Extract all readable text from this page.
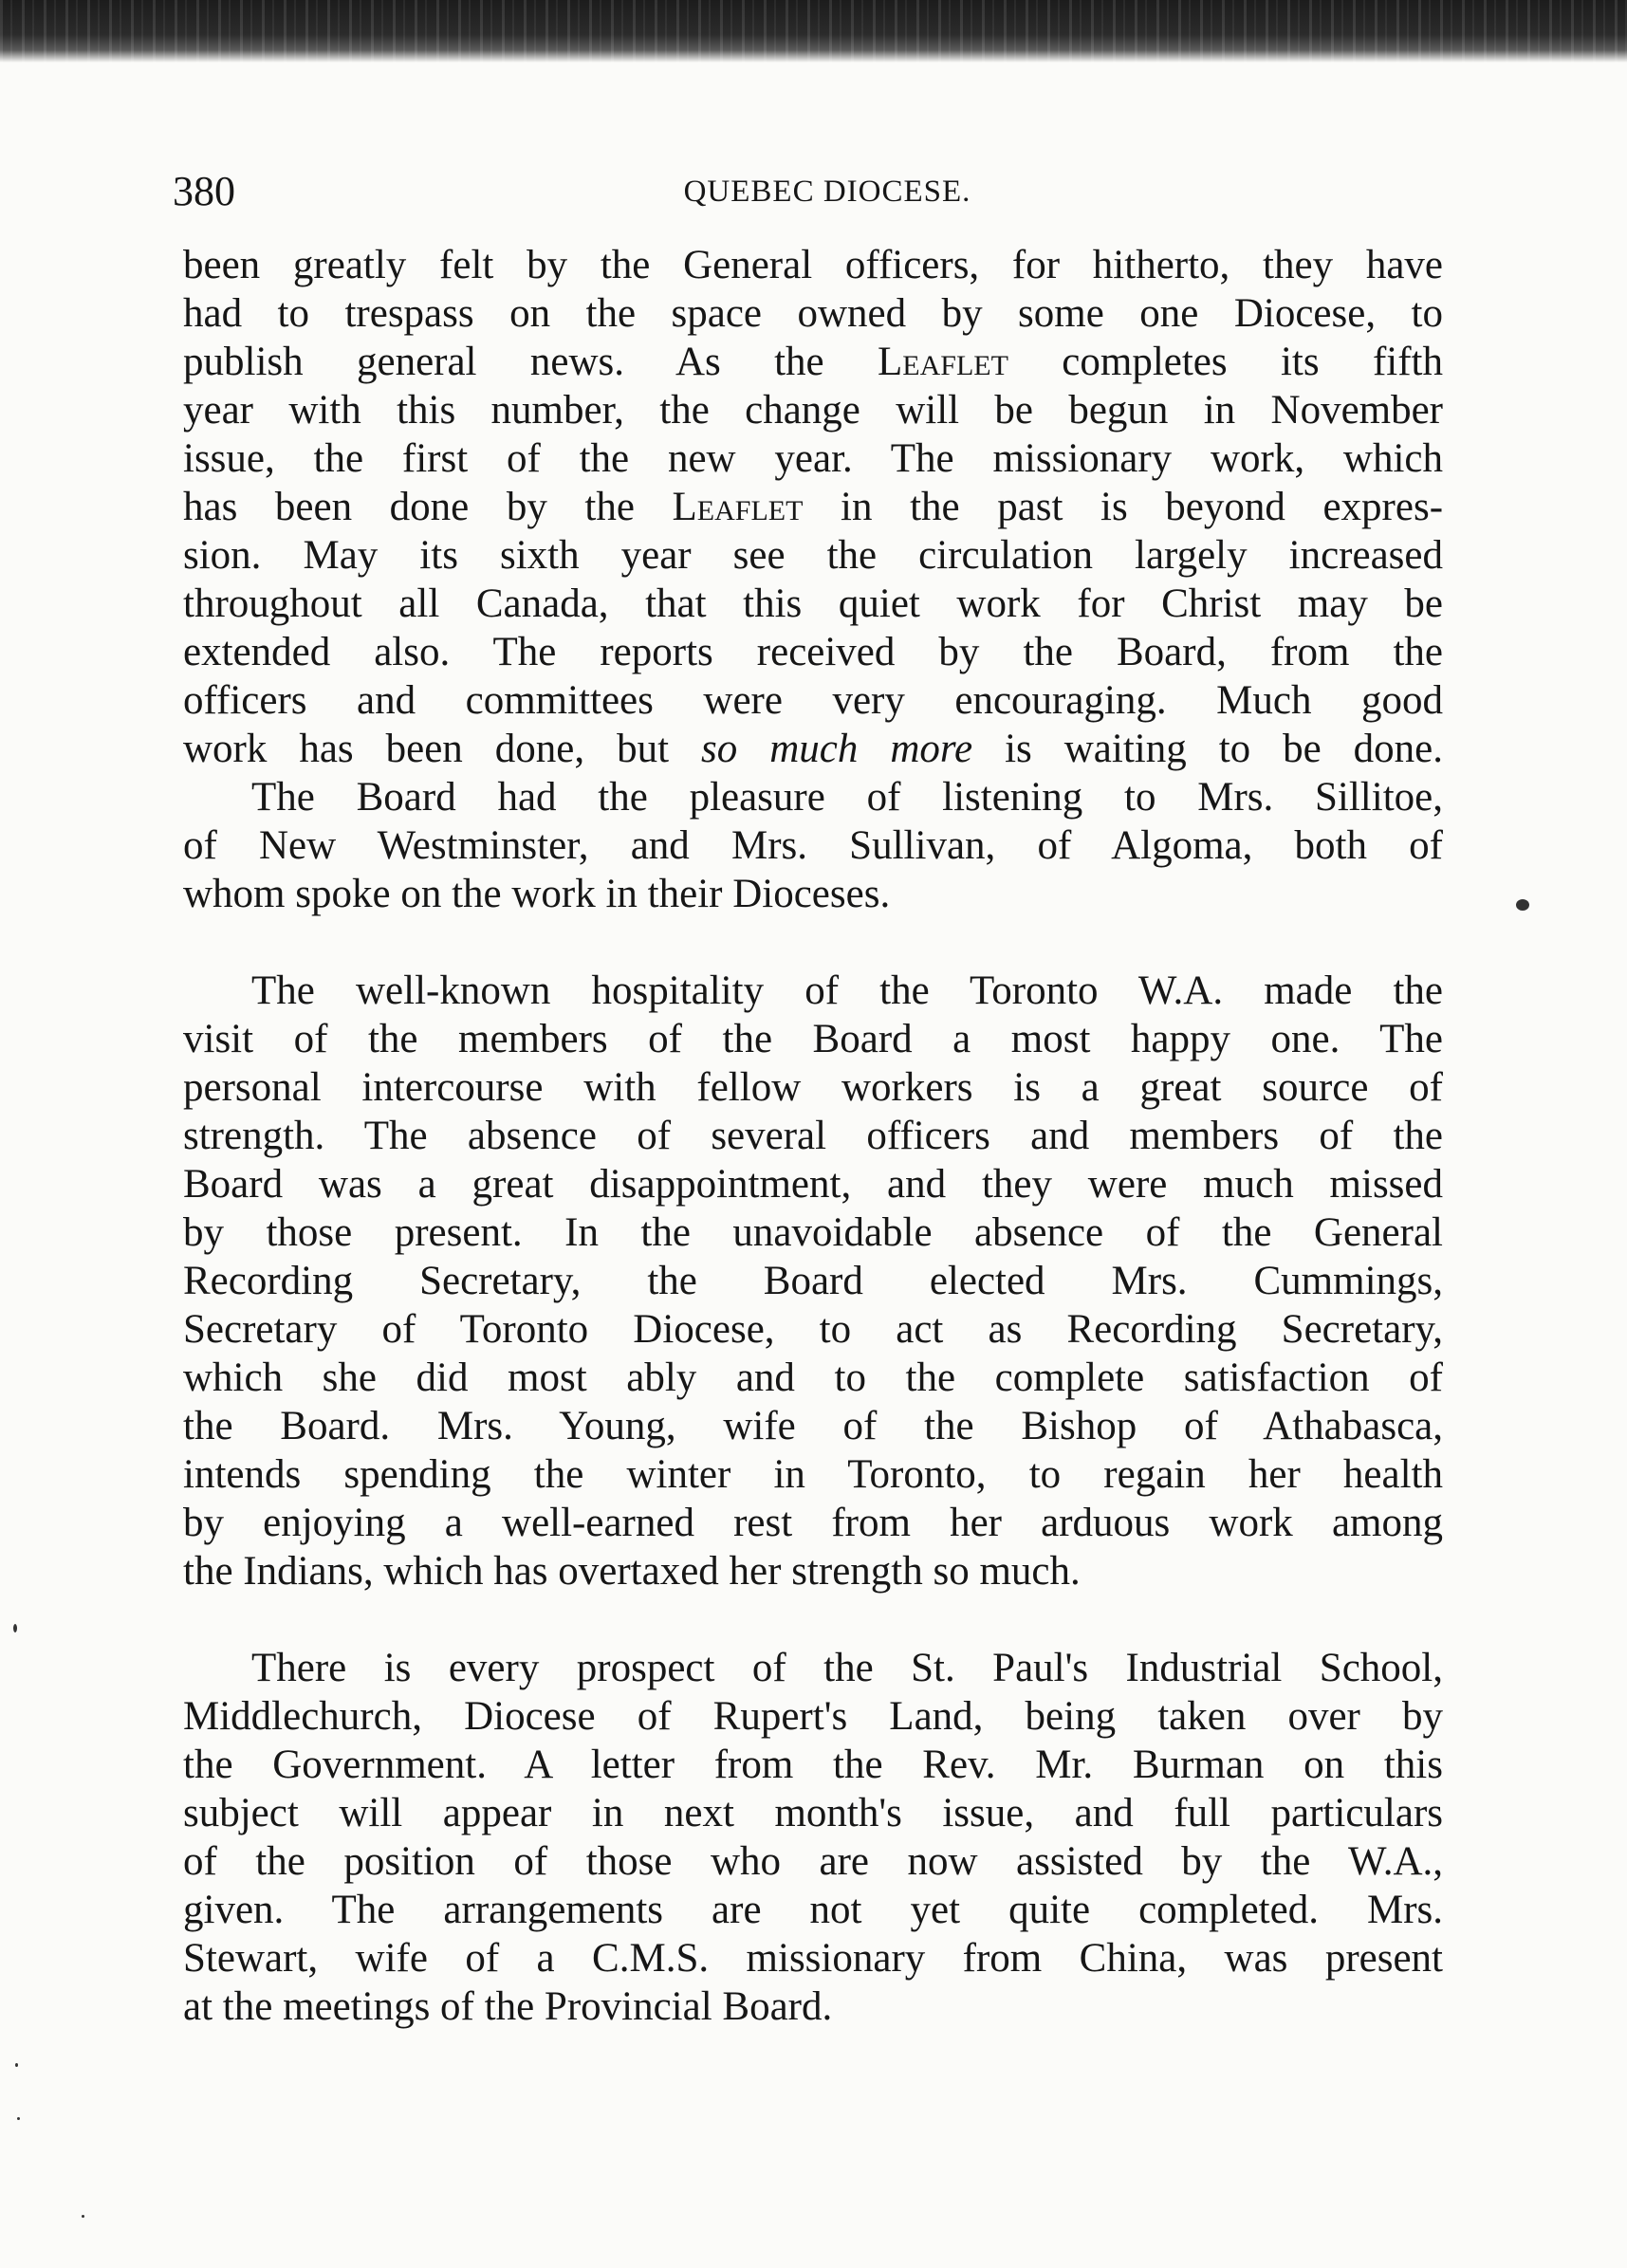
380	QUEBEC DIOCESE.
been greatly felt by the General officers, for hitherto, they have
had to trespass on the space owned by some one Diocese, to
publish general news. As the Leaflet completes its fifth
year with this number, the change will be begun in November
issue, the first of the new year. The missionary work, which
has been done by the Leaflet in the past is beyond expres-
sion. May its sixth year see the circulation largely increased
throughout all Canada, that this quiet work for Christ may be
extended also. The reports received by the Board, from the
officers and committees were very encouraging. Much good
work has been done, but so much more is waiting to be done.
The Board had the pleasure of listening to Mrs. Sillitoe,
of New Westminster, and Mrs. Sullivan, of Algoma, both of
whom spoke on the work in their Dioceses.
The well-known hospitality of the Toronto W.A. made the
visit of the members of the Board a most happy one. The
personal intercourse with fellow workers is a great source of
strength. The absence of several officers and members of the
Board was a great disappointment, and they were much missed
by those present. In the unavoidable absence of the General
Recording Secretary, the Board elected Mrs. Cummings,
Secretary of Toronto Diocese, to act as Recording Secretary,
which she did most ably and to the complete satisfaction of
the Board. Mrs. Young, wife of the Bishop of Athabasca,
intends spending the winter in Toronto, to regain her health
by enjoying a well-earned rest from her arduous work among
the Indians, which has overtaxed her strength so much.
There is every prospect of the St. Paul's Industrial School,
Middlechurch, Diocese of Rupert's Land, being taken over by
the Government. A letter from the Rev. Mr. Burman on this
subject will appear in next month's issue, and full particulars
of the position of those who are now assisted by the W.A.,
given. The arrangements are not yet quite completed. Mrs.
Stewart, wife of a C.M.S. missionary from China, was present
at the meetings of the Provincial Board.
